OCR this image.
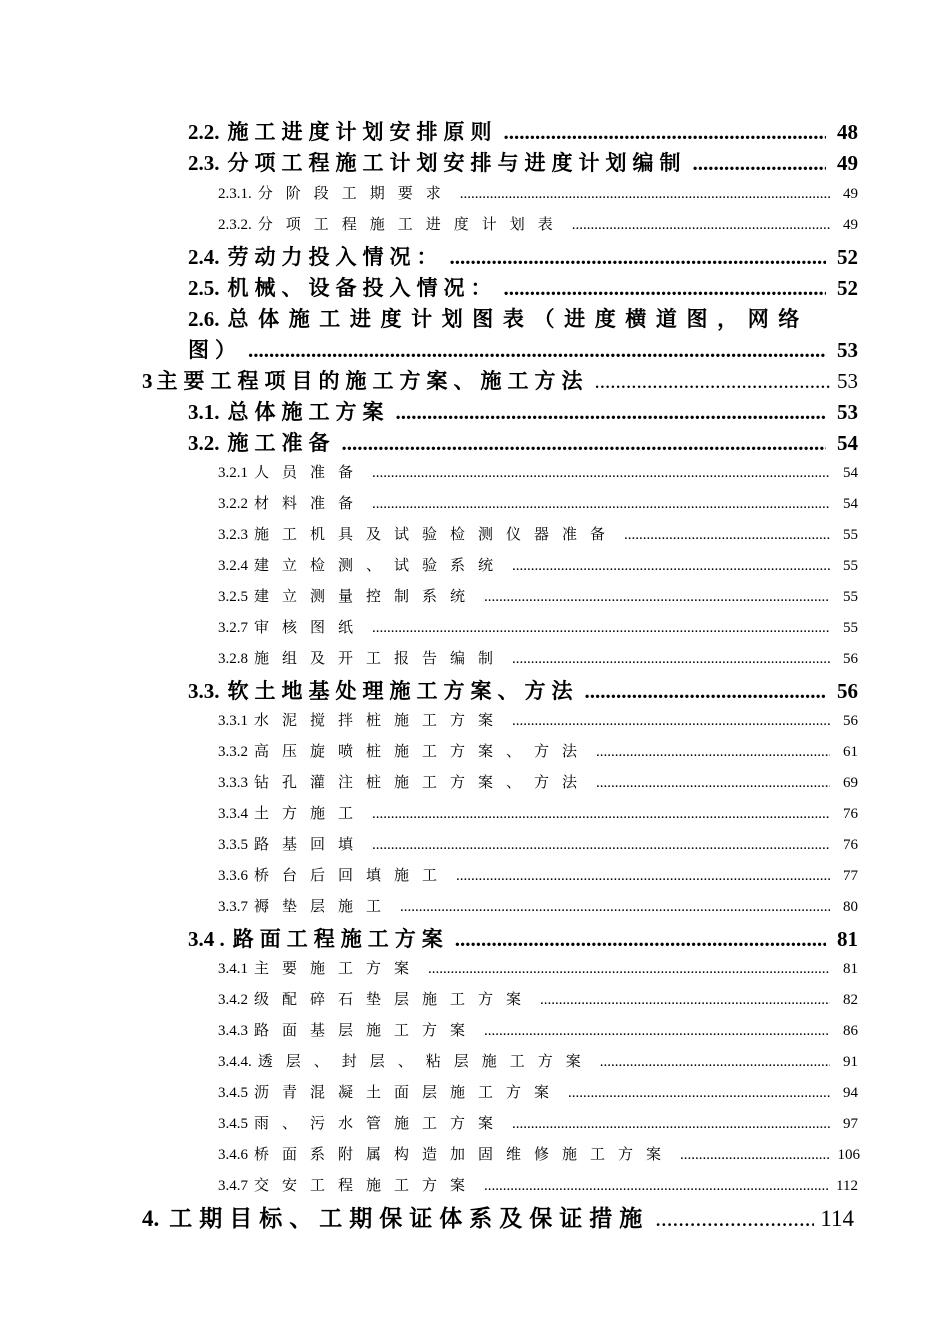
2.2. 施工进度计划安排原则 .....	48
2.3. 分项工程施工计划安排与进度计划编制 .....	49
2.3.1. 分阶段工期要求 .....	49
2.3.2. 分项工程施工进度计划表 .....	49
2.4. 劳动力投入情况： .....	52
2.5. 机械、设备投入情况： .....	52
2.6. 总体施工进度计划图表（进度横道图，网络
图） .....	53
3 主要工程项目的施工方案、施工方法 .....	53
3.1. 总体施工方案 .....	53
3.2. 施工准备 .....	54
3.2.1 人员准备 .....	54
3.2.2 材料准备 .....	54
3.2.3 施工机具及试验检测仪器准备 .....	55
3.2.4 建立检测、试验系统 .....	55
3.2.5 建立测量控制系统 .....	55
3.2.7 审核图纸 .....	55
3.2.8 施组及开工报告编制 .....	56
3.3. 软土地基处理施工方案、方法 .....	56
3.3.1 水泥搅拌桩施工方案 .....	56
3.3.2 高压旋喷桩施工方案、方法 .....	61
3.3.3 钻孔灌注桩施工方案、方法 .....	69
3.3.4 土方施工 .....	76
3.3.5 路基回填 .....	76
3.3.6 桥台后回填施工 .....	77
3.3.7 褥垫层施工 .....	80
3.4 . 路面工程施工方案 .....	81
3.4.1 主要施工方案 .....	81
3.4.2 级配碎石垫层施工方案 .....	82
3.4.3 路面基层施工方案 .....	86
3.4.4. 透层、封层、粘层施工方案 .....	91
3.4.5 沥青混凝土面层施工方案 .....	94
3.4.5 雨、污水管施工方案 .....	97
3.4.6 桥面系附属构造加固维修施工方案 .....	106
3.4.7 交安工程施工方案 .....	112
4. 工期目标、工期保证体系及保证措施 .....	114
